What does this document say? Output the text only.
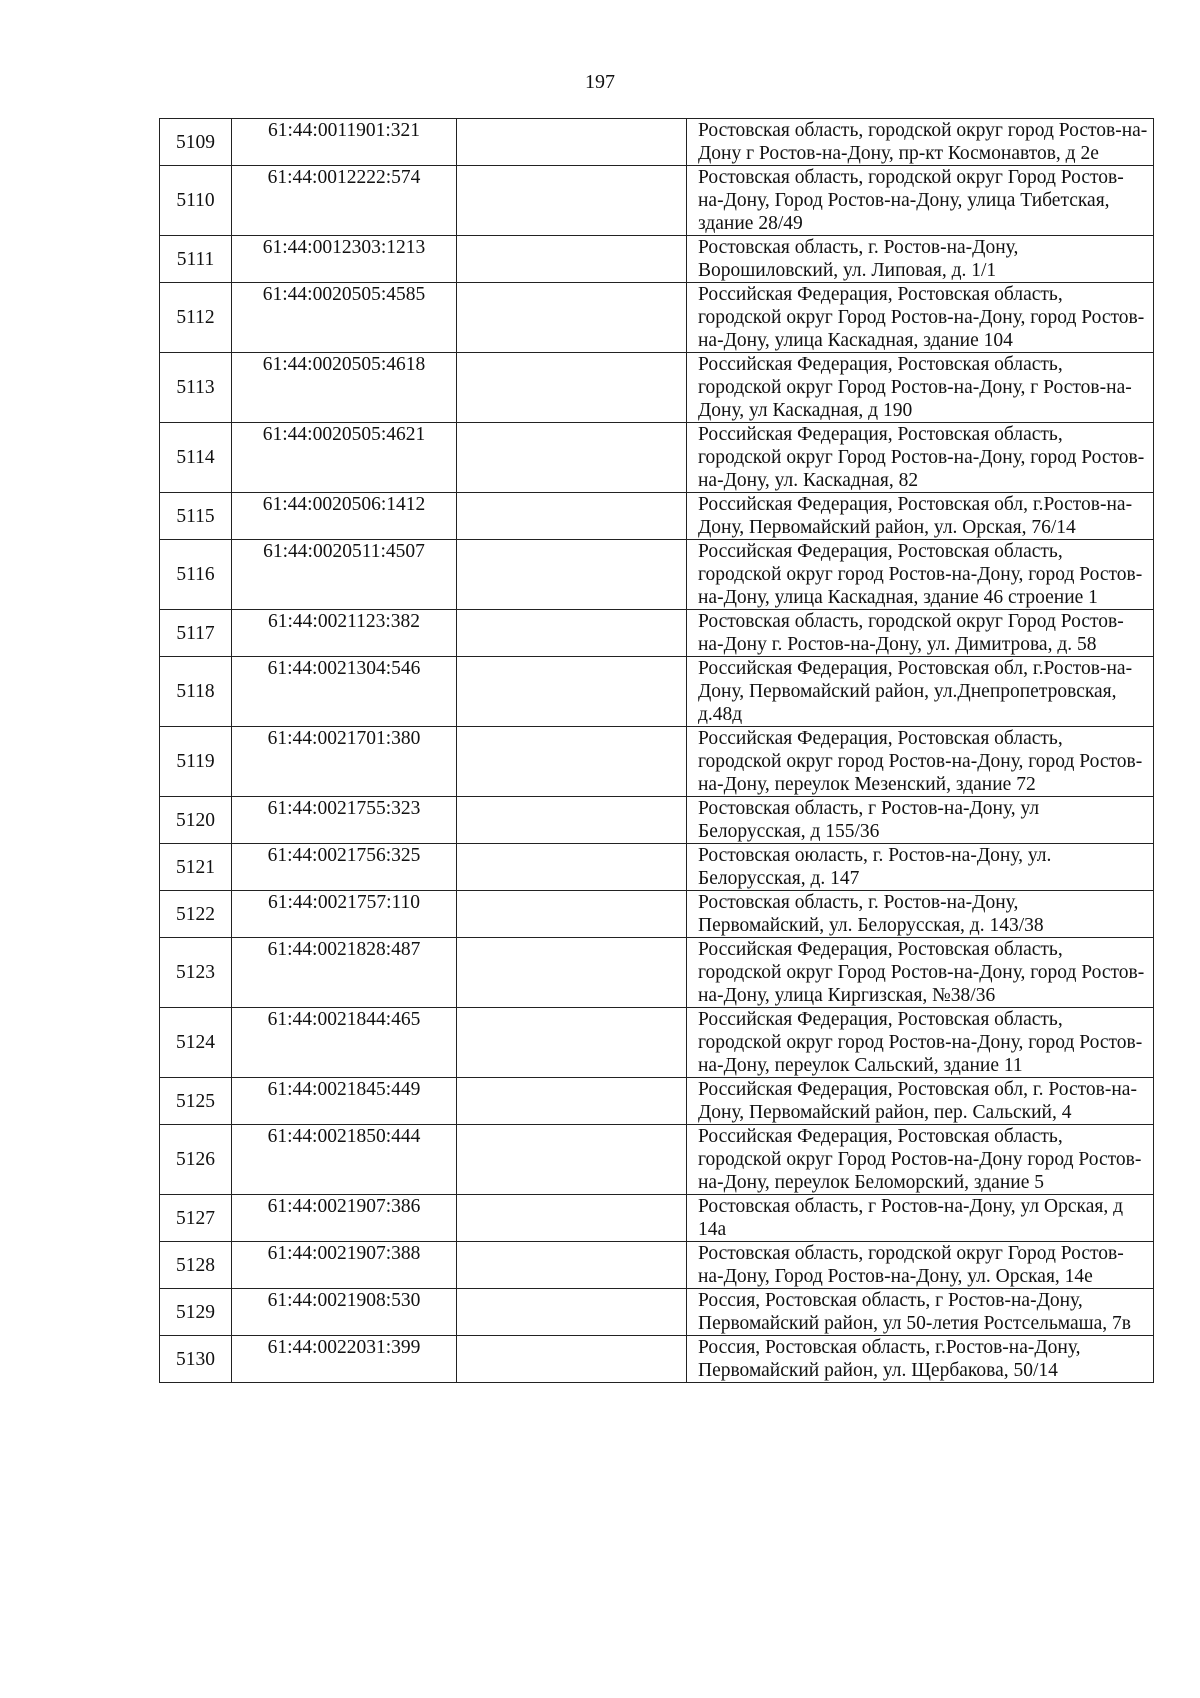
197
5109	61:44:0011901:321		Ростовская область, городской округ город Ростов-на-Дону г Ростов-на-Дону, пр-кт Космонавтов, д 2е
5110	61:44:0012222:574		Ростовская область, городской округ Город Ростов-на-Дону, Город Ростов-на-Дону, улица Тибетская, здание 28/49
5111	61:44:0012303:1213		Ростовская область, г. Ростов-на-Дону, Ворошиловский, ул. Липовая, д. 1/1
5112	61:44:0020505:4585		Российская Федерация, Ростовская область, городской округ Город Ростов-на-Дону, город Ростов-на-Дону, улица Каскадная, здание 104
5113	61:44:0020505:4618		Российская Федерация, Ростовская область, городской округ Город Ростов-на-Дону, г Ростов-на-Дону, ул Каскадная, д 190
5114	61:44:0020505:4621		Российская Федерация, Ростовская область, городской округ Город Ростов-на-Дону, город Ростов-на-Дону, ул. Каскадная, 82
5115	61:44:0020506:1412		Российская Федерация, Ростовская обл, г.Ростов-на-Дону, Первомайский район, ул. Орская, 76/14
5116	61:44:0020511:4507		Российская Федерация, Ростовская область, городской округ город Ростов-на-Дону, город Ростов-на-Дону, улица Каскадная, здание 46 строение 1
5117	61:44:0021123:382		Ростовская область, городской округ Город Ростов-на-Дону г. Ростов-на-Дону, ул. Димитрова, д. 58
5118	61:44:0021304:546		Российская Федерация, Ростовская обл, г.Ростов-на-Дону, Первомайский район, ул.Днепропетровская, д.48д
5119	61:44:0021701:380		Российская Федерация, Ростовская область, городской округ город Ростов-на-Дону, город Ростов-на-Дону, переулок Мезенский, здание 72
5120	61:44:0021755:323		Ростовская область, г Ростов-на-Дону, ул Белорусская, д 155/36
5121	61:44:0021756:325		Ростовская оюласть, г. Ростов-на-Дону, ул. Белорусская, д. 147
5122	61:44:0021757:110		Ростовская область, г. Ростов-на-Дону, Первомайский, ул. Белорусская, д. 143/38
5123	61:44:0021828:487		Российская Федерация, Ростовская область, городской округ Город Ростов-на-Дону, город Ростов-на-Дону, улица Киргизская, №38/36
5124	61:44:0021844:465		Российская Федерация, Ростовская область, городской округ город Ростов-на-Дону, город Ростов-на-Дону, переулок Сальский, здание 11
5125	61:44:0021845:449		Российская Федерация, Ростовская обл, г. Ростов-на-Дону, Первомайский район, пер. Сальский, 4
5126	61:44:0021850:444		Российская Федерация, Ростовская область, городской округ Город Ростов-на-Дону город Ростов-на-Дону, переулок Беломорский, здание 5
5127	61:44:0021907:386		Ростовская область, г Ростов-на-Дону, ул Орская, д 14а
5128	61:44:0021907:388		Ростовская область, городской округ Город Ростов-на-Дону, Город Ростов-на-Дону, ул. Орская, 14е
5129	61:44:0021908:530		Россия, Ростовская область, г Ростов-на-Дону, Первомайский район, ул 50-летия Ростсельмаша, 7в
5130	61:44:0022031:399		Россия, Ростовская область, г.Ростов-на-Дону, Первомайский район, ул. Щербакова, 50/14
